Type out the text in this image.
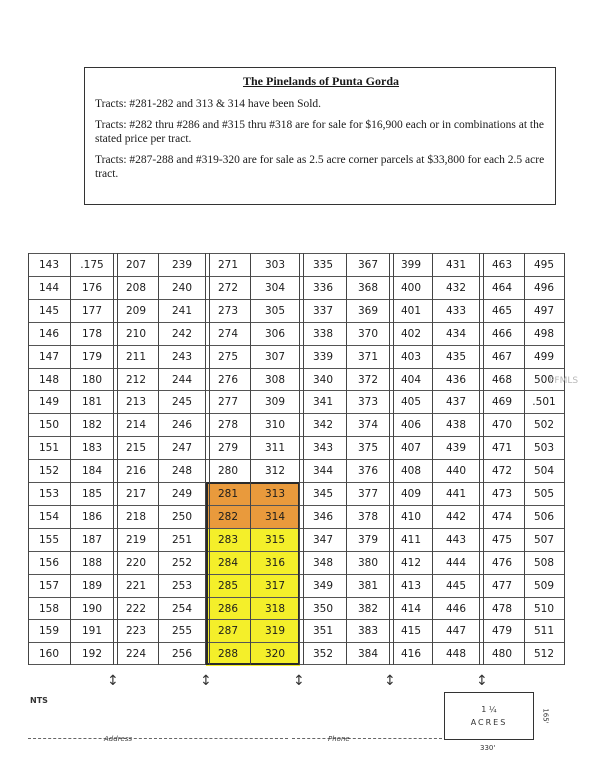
The Pinelands of Punta Gorda

Tracts: #281-282 and 313 & 314 have been Sold.

Tracts: #282 thru #286 and #315 thru #318 are for sale for $16,900 each or in combinations at the stated price per tract.

Tracts: #287-288 and #319-320 are for sale as 2.5 acre corner parcels at $33,800 for each 2.5 acre tract.

143	.175	207	239	271	303	335	367	399	431	463	495
144	176	208	240	272	304	336	368	400	432	464	496
145	177	209	241	273	305	337	369	401	433	465	497
146	178	210	242	274	306	338	370	402	434	466	498
147	179	211	243	275	307	339	371	403	435	467	499
148	180	212	244	276	308	340	372	404	436	468	500
149	181	213	245	277	309	341	373	405	437	469	.501
150	182	214	246	278	310	342	374	406	438	470	502
151	183	215	247	279	311	343	375	407	439	471	503
152	184	216	248	280	312	344	376	408	440	472	504
153	185	217	249	281	313	345	377	409	441	473	505
154	186	218	250	282	314	346	378	410	442	474	506
155	187	219	251	283	315	347	379	411	443	475	507
156	188	220	252	284	316	348	380	412	444	476	508
157	189	221	253	285	317	349	381	413	445	477	509
158	190	222	254	286	318	350	382	414	446	478	510
159	191	223	255	287	319	351	383	415	447	479	511
160	192	224	256	288	320	352	384	416	448	480	512
↕	↕	↕	↕	↕
NTS
Address	Phone
1 ¼
ACRES	165'
330'
PFMLS
